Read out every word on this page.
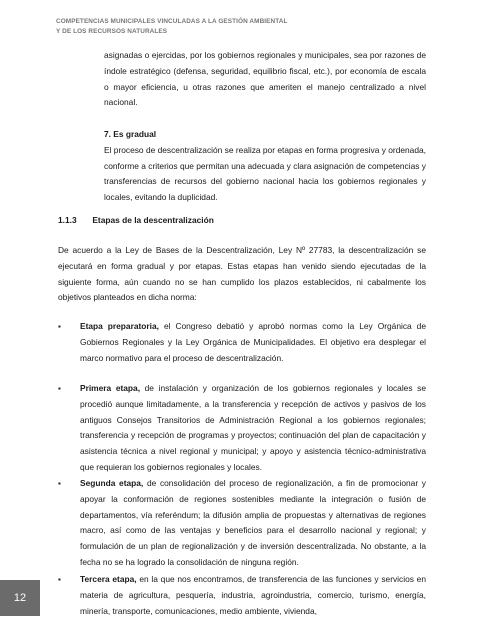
COMPETENCIAS MUNICIPALES VINCULADAS A LA GESTIÓN AMBIENTAL
Y DE LOS RECURSOS NATURALES

asignadas o ejercidas, por los gobiernos regionales y municipales, sea por razones de índole estratégico (defensa, seguridad, equilibrio fiscal, etc.), por economía de escala o mayor eficiencia, u otras razones que ameriten el manejo centralizado a nivel nacional.

7. Es gradual

El proceso de descentralización se realiza por etapas en forma progresiva y ordenada, conforme a criterios que permitan una adecuada y clara asignación de competencias y transferencias de recursos del gobierno nacional hacia los gobiernos regionales y locales, evitando la duplicidad.

1.1.3 Etapas de la descentralización

De acuerdo a la Ley de Bases de la Descentralización, Ley Nº 27783, la descentralización se ejecutará en forma gradual y por etapas. Estas etapas han venido siendo ejecutadas de la siguiente forma, aún cuando no se han cumplido los plazos establecidos, ni cabalmente los objetivos planteados en dicha norma:

▪ Etapa preparatoria, el Congreso debatió y aprobó normas como la Ley Orgánica de Gobiernos Regionales y la Ley Orgánica de Municipalidades. El objetivo era desplegar el marco normativo para el proceso de descentralización.

▪ Primera etapa, de instalación y organización de los gobiernos regionales y locales se procedió aunque limitadamente, a la transferencia y recepción de activos y pasivos de los antiguos Consejos Transitorios de Administración Regional a los gobiernos regionales; transferencia y recepción de programas y proyectos; continuación del plan de capacitación y asistencia técnica a nivel regional y municipal; y apoyo y asistencia técnico-administrativa que requieran los gobiernos regionales y locales.

▪ Segunda etapa, de consolidación del proceso de regionalización, a fin de promocionar y apoyar la conformación de regiones sostenibles mediante la integración o fusión de departamentos, vía referéndum; la difusión amplia de propuestas y alternativas de regiones macro, así como de las ventajas y beneficios para el desarrollo nacional y regional; y formulación de un plan de regionalización y de inversión descentralizada. No obstante, a la fecha no se ha logrado la consolidación de ninguna región.

▪ Tercera etapa, en la que nos encontramos, de transferencia de las funciones y servicios en materia de agricultura, pesquería, industria, agroindustria, comercio, turismo, energía, minería, transporte, comunicaciones, medio ambiente, vivienda,

12
